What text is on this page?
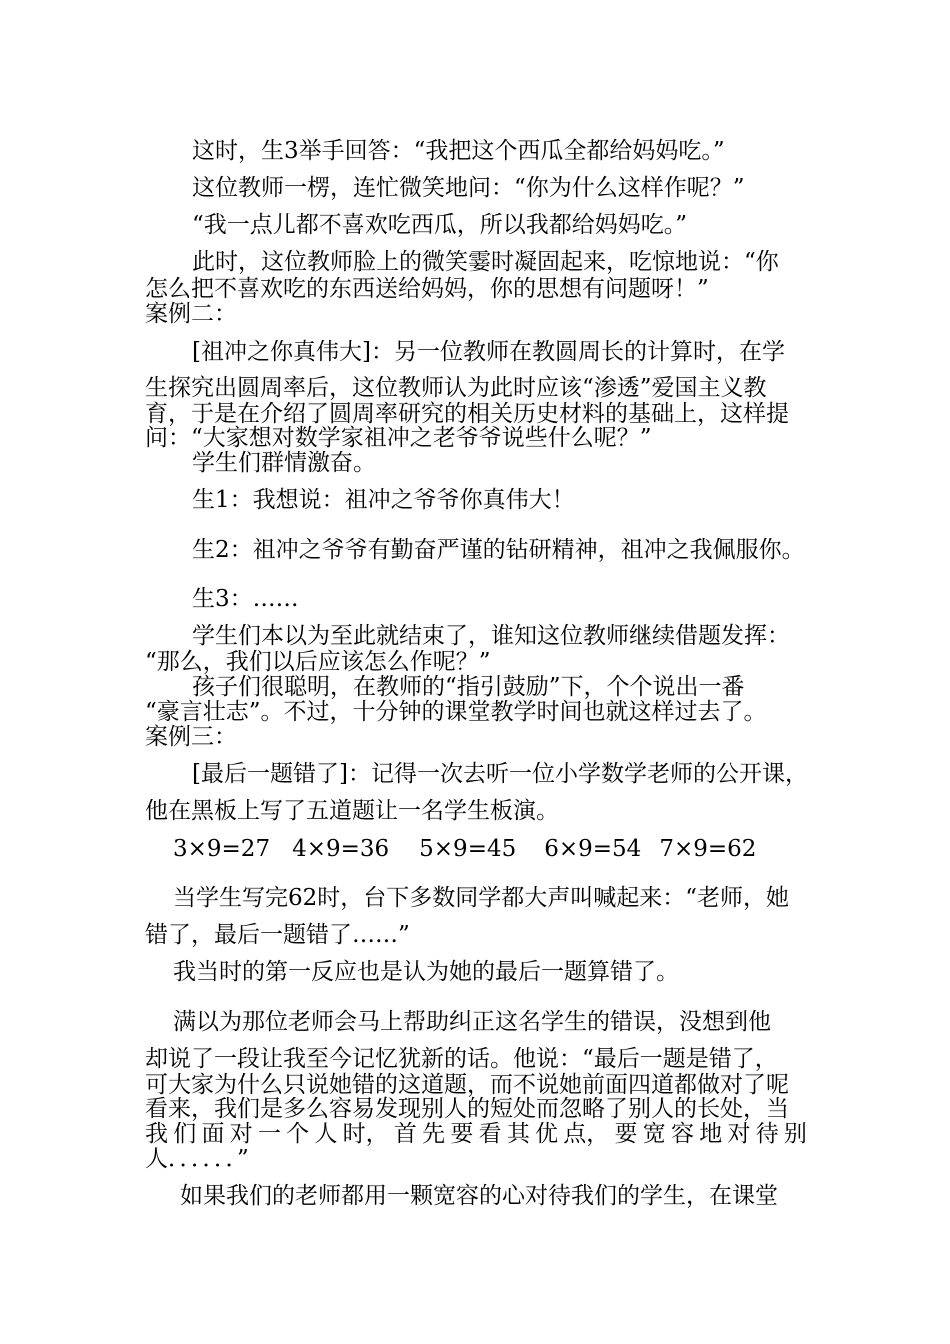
这时，生3举手回答：“我把这个西瓜全都给妈妈吃。”
这位教师一楞，连忙微笑地问：“你为什么这样作呢？”
“我一点儿都不喜欢吃西瓜，所以我都给妈妈吃。”
此时，这位教师脸上的微笑霎时凝固起来，吃惊地说：“你
怎么把不喜欢吃的东西送给妈妈，你的思想有问题呀！”
案例二：
[祖冲之你真伟大]：另一位教师在教圆周长的计算时，在学
生探究出圆周率后，这位教师认为此时应该“渗透”爱国主义教
育，于是在介绍了圆周率研究的相关历史材料的基础上，这样提
问：“大家想对数学家祖冲之老爷爷说些什么呢？”
学生们群情激奋。
生1：我想说：祖冲之爷爷你真伟大！
生2：祖冲之爷爷有勤奋严谨的钻研精神，祖冲之我佩服你。
生3：……
学生们本以为至此就结束了，谁知这位教师继续借题发挥：
“那么，我们以后应该怎么作呢？”
孩子们很聪明，在教师的“指引鼓励”下，个个说出一番
“豪言壮志”。不过，十分钟的课堂教学时间也就这样过去了。
案例三：
[最后一题错了]：记得一次去听一位小学数学老师的公开课，
他在黑板上写了五道题让一名学生板演。
3×9=27 4×9=36 5×9=45 6×9=54 7×9=62
当学生写完62时，台下多数同学都大声叫喊起来：“老师，她
错了，最后一题错了……”
我当时的第一反应也是认为她的最后一题算错了。
满以为那位老师会马上帮助纠正这名学生的错误，没想到他
却说了一段让我至今记忆犹新的话。他说：“最后一题是错了，
可大家为什么只说她错的这道题，而不说她前面四道都做对了呢
看来，我们是多么容易发现别人的短处而忽略了别人的长处，当
我 们 面 对 一 个 人 时， 首 先 要 看 其 优 点， 要 宽 容 地 对 待 别
人．．．．．．”
如果我们的老师都用一颗宽容的心对待我们的学生，在课堂
